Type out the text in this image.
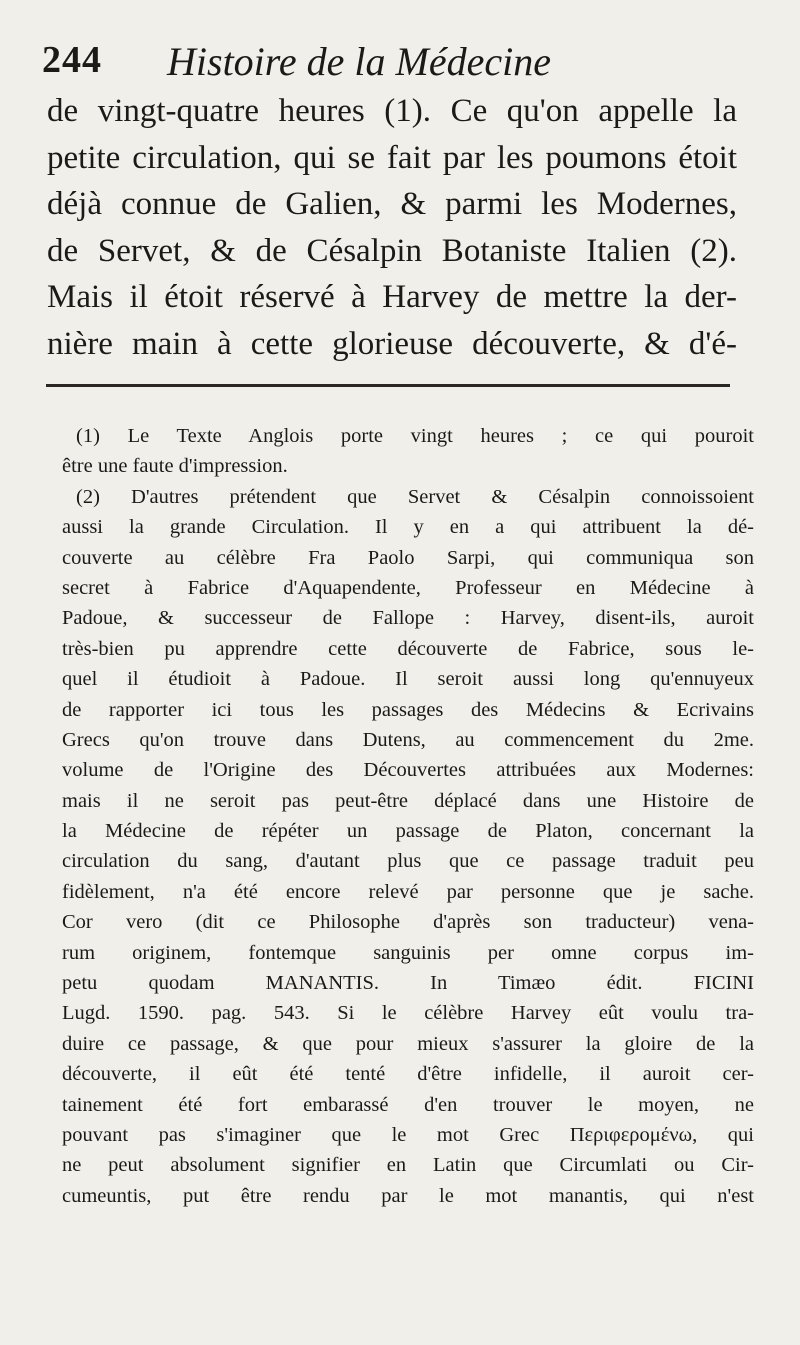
244 Histoire de la Médecine
de vingt-quatre heures (1). Ce qu'on appelle la
petite circulation, qui se fait par les poumons étoit
déjà connue de Galien, & parmi les Modernes,
de Servet, & de Césalpin Botaniste Italien (2).
Mais il étoit réservé à Harvey de mettre la der-
nière main à cette glorieuse découverte, & d'é-
(1) Le Texte Anglois porte vingt heures ; ce qui pouroit
être une faute d'impression.
(2) D'autres prétendent que Servet & Césalpin connoissoient
aussi la grande Circulation. Il y en a qui attribuent la dé-
couverte au célèbre Fra Paolo Sarpi, qui communiqua son
secret à Fabrice d'Aquapendente, Professeur en Médecine à
Padoue, & successeur de Fallope : Harvey, disent-ils, auroit
très-bien pu apprendre cette découverte de Fabrice, sous le-
quel il étudioit à Padoue. Il seroit aussi long qu'ennuyeux
de rapporter ici tous les passages des Médecins & Ecrivains
Grecs qu'on trouve dans Dutens, au commencement du 2me.
volume de l'Origine des Découvertes attribuées aux Modernes:
mais il ne seroit pas peut-être déplacé dans une Histoire de
la Médecine de répéter un passage de Platon, concernant la
circulation du sang, d'autant plus que ce passage traduit peu
fidèlement, n'a été encore relevé par personne que je sache.
Cor vero (dit ce Philosophe d'après son traducteur) vena-
rum originem, fontemque sanguinis per omne corpus im-
petu quodam MANANTIS. In Timæo édit. FICINI
Lugd. 1590. pag. 543. Si le célèbre Harvey eût voulu tra-
duire ce passage, & que pour mieux s'assurer la gloire de la
découverte, il eût été tenté d'être infidelle, il auroit cer-
tainement été fort embarassé d'en trouver le moyen, ne
pouvant pas s'imaginer que le mot Grec Περιφερομένω, qui
ne peut absolument signifier en Latin que Circumlati ou Cir-
cumeuntis, put être rendu par le mot manantis, qui n'est
